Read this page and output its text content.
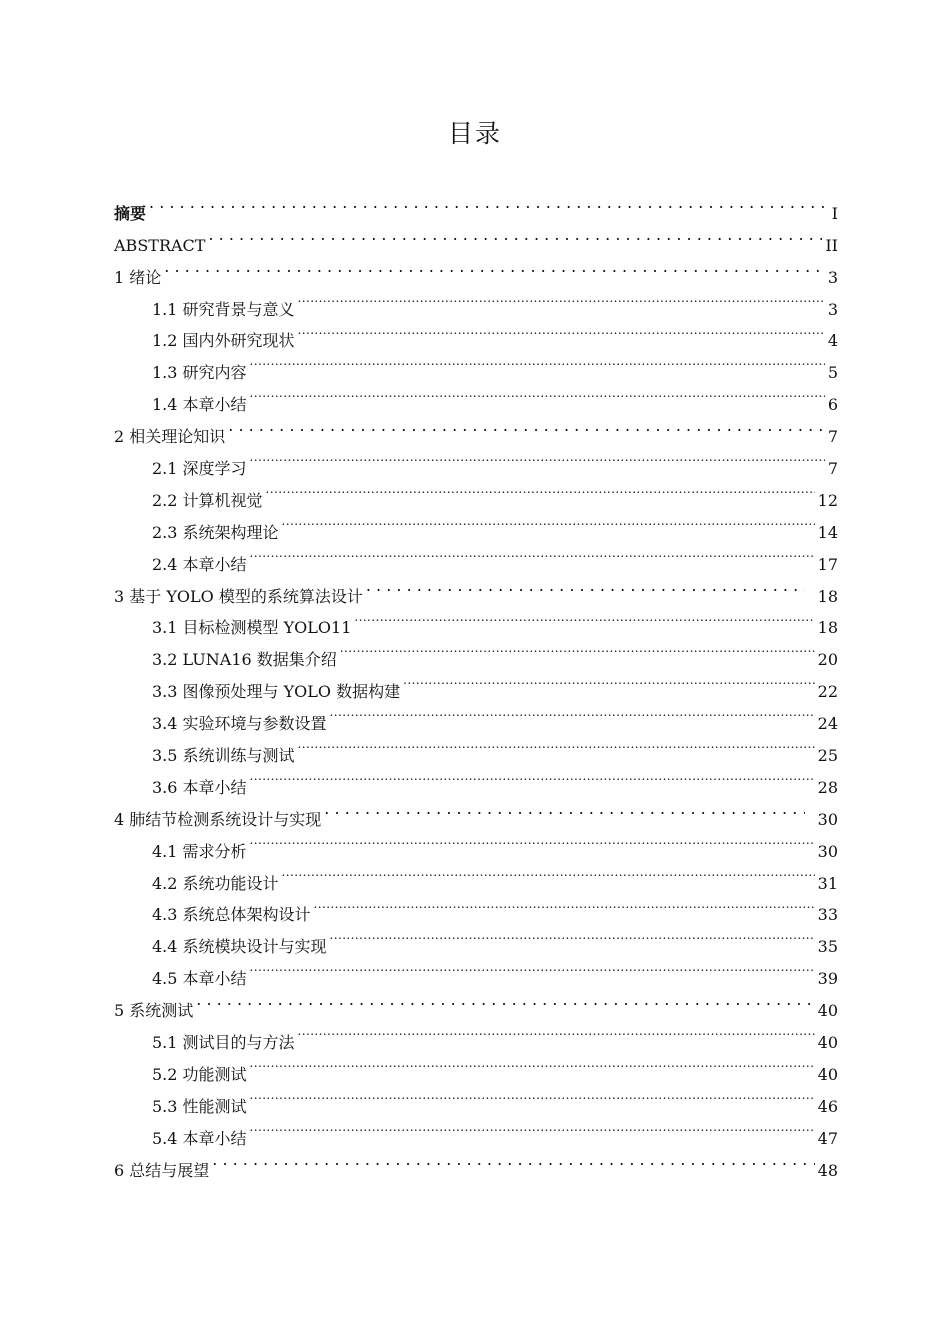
目录
摘要 . . .	I
ABSTRACT . . .	II
1 绪论 . . .	3
1.1 研究背景与意义 .....	3
1.2 国内外研究现状 .....	4
1.3 研究内容 .....	5
1.4 本章小结 .....	6
2 相关理论知识 . . .	7
2.1 深度学习 .....	7
2.2 计算机视觉 .....	12
2.3 系统架构理论 .....	14
2.4 本章小结 .....	17
3 基于 YOLO 模型的系统算法设计 . . .	18
3.1 目标检测模型 YOLO11 .....	18
3.2 LUNA16 数据集介绍 .....	20
3.3 图像预处理与 YOLO 数据构建 .....	22
3.4 实验环境与参数设置 .....	24
3.5 系统训练与测试 .....	25
3.6 本章小结 .....	28
4 肺结节检测系统设计与实现 . . .	30
4.1 需求分析 .....	30
4.2 系统功能设计 .....	31
4.3 系统总体架构设计 .....	33
4.4 系统模块设计与实现 .....	35
4.5 本章小结 .....	39
5 系统测试 . . .	40
5.1 测试目的与方法 .....	40
5.2 功能测试 .....	40
5.3 性能测试 .....	46
5.4 本章小结 .....	47
6 总结与展望 . . .	48
